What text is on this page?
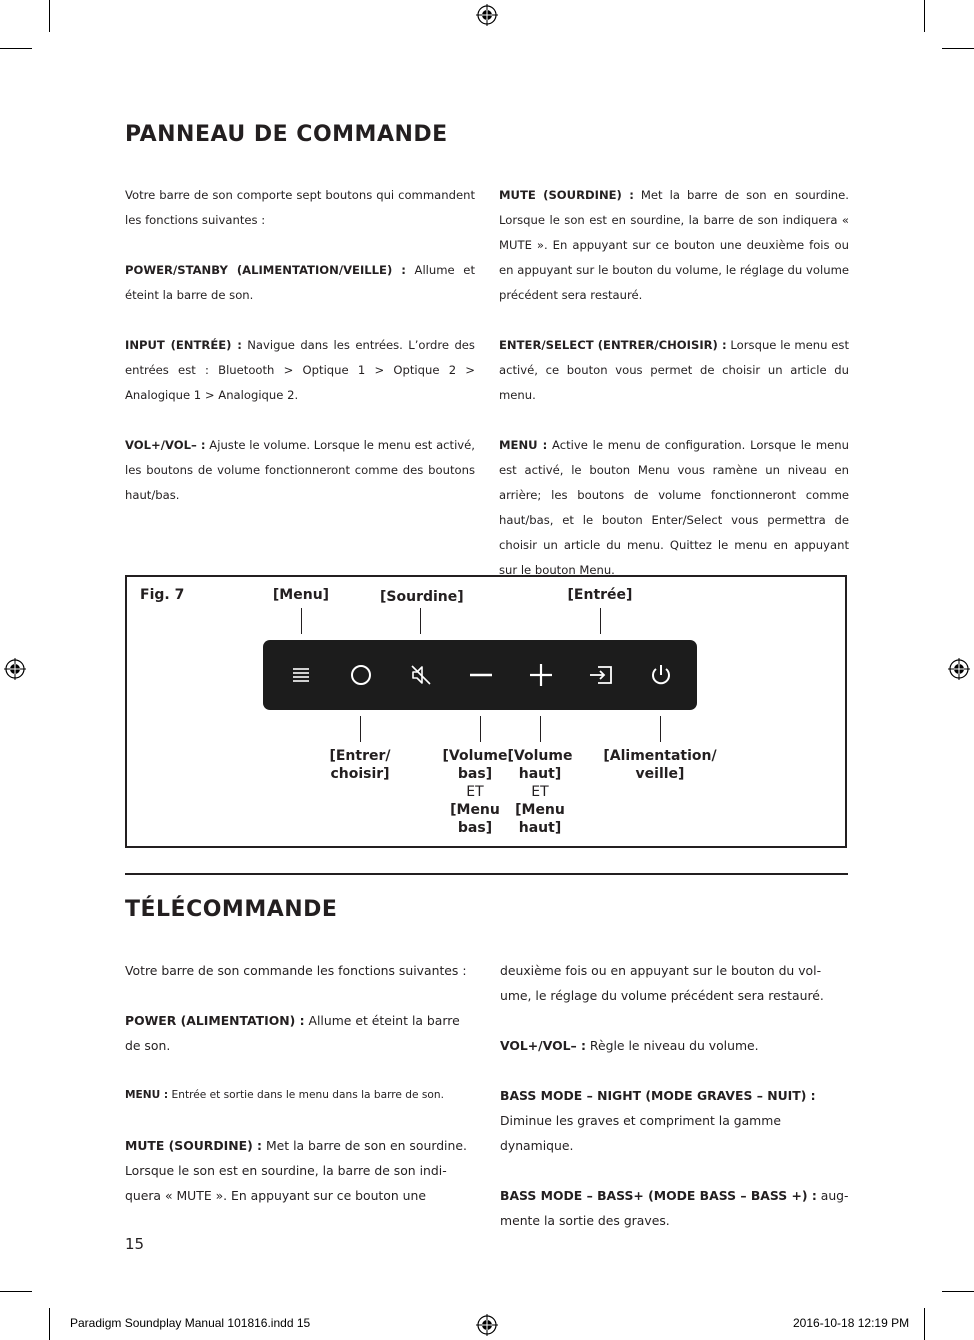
PANNEAU DE COMMANDE

Votre barre de son comporte sept boutons qui commandent les fonctions suivantes :

POWER/STANBY (ALIMENTATION/VEILLE) : Allume et éteint la barre de son.

INPUT (ENTRÉE) : Navigue dans les entrées. L’ordre des entrées est : Bluetooth > Optique 1 > Optique 2 > Analogique 1 > Analogique 2.

VOL+/VOL– : Ajuste le volume. Lorsque le menu est activé, les boutons de volume fonctionneront comme des boutons haut/bas.

MUTE (SOURDINE) : Met la barre de son en sourdine. Lorsque le son est en sourdine, la barre de son indiquera « MUTE ». En appuyant sur ce bouton une deuxième fois ou en appuyant sur le bouton du volume, le réglage du volume précédent sera restauré.

ENTER/SELECT (ENTRER/CHOISIR) : Lorsque le menu est activé, ce bouton vous permet de choisir un article du menu.

MENU : Active le menu de configuration. Lorsque le menu est activé, le bouton Menu vous ramène un niveau en arrière; les boutons de volume fonctionneront comme haut/bas, et le bouton Enter/Select vous permettra de choisir un article du menu. Quittez le menu en appuyant sur le bouton Menu.

Fig. 7	[Menu]	[Sourdine]	[Entrée]
[Entrer/
choisir]
[Volume
bas]
ET
[Menu
bas]
[Volume
haut]
ET
[Menu
haut]
[Alimentation/
veille]
TÉLÉCOMMANDE

Votre barre de son commande les fonctions suivantes :

POWER (ALIMENTATION) : Allume et éteint la barre de son.

MENU : Entrée et sortie dans le menu dans la barre de son.

MUTE (SOURDINE) : Met la barre de son en sourdine. Lorsque le son est en sourdine, la barre de son indi-quera « MUTE ». En appuyant sur ce bouton une

deuxième fois ou en appuyant sur le bouton du vol-ume, le réglage du volume précédent sera restauré.

VOL+/VOL– : Règle le niveau du volume.

BASS MODE – NIGHT (MODE GRAVES – NUIT) : Diminue les graves et compriment la gamme dynamique.

BASS MODE – BASS+ (MODE BASS – BASS +) : aug-mente la sortie des graves.

15
Paradigm Soundplay Manual 101816.indd 15	2016-10-18 12:19 PM
